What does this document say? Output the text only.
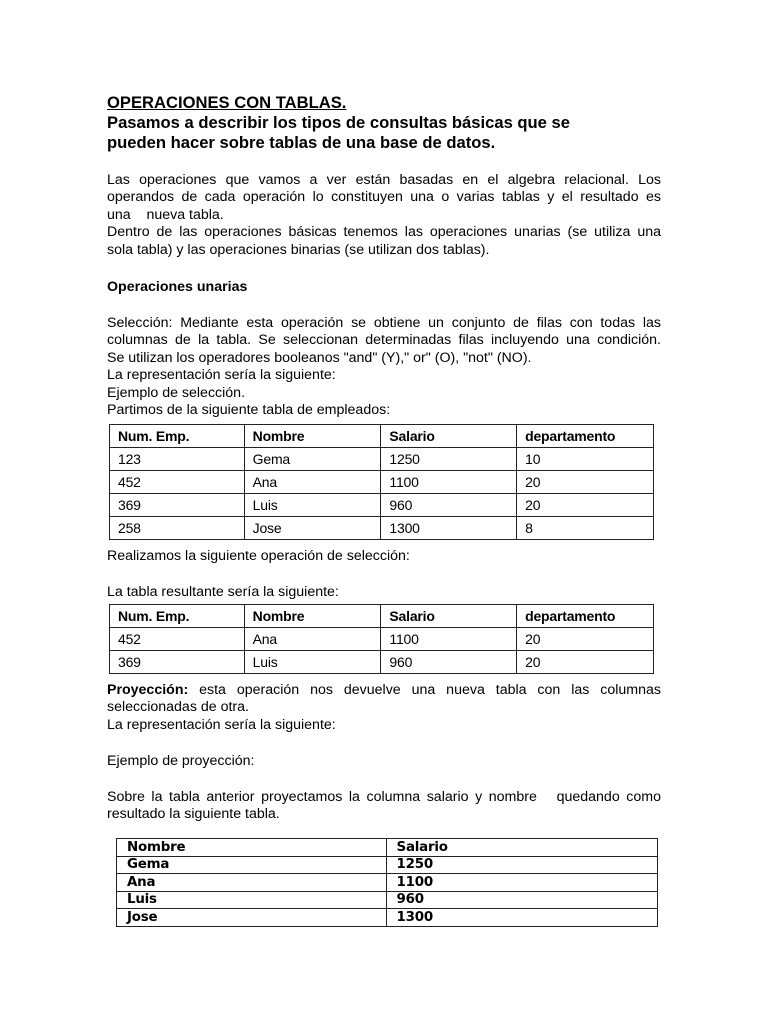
OPERACIONES CON TABLAS.
Pasamos a describir los tipos de consultas básicas que se
pueden hacer sobre tablas de una base de datos.
Las operaciones que vamos a ver están basadas en el algebra relacional. Los
operandos de cada operación lo constituyen una o varias tablas y el resultado es
una    nueva tabla.
Dentro de las operaciones básicas tenemos las operaciones unarias (se utiliza una
sola tabla) y las operaciones binarias (se utilizan dos tablas).
Operaciones unarias
Selección: Mediante esta operación se obtiene un conjunto de filas con todas las
columnas de la tabla. Se seleccionan determinadas filas incluyendo una condición.
Se utilizan los operadores booleanos "and" (Y)," or" (O), "not" (NO).
La representación sería la siguiente:
Ejemplo de selección.
Partimos de la siguiente tabla de empleados:
Num. Emp.	Nombre	Salario	departamento
123	Gema	1250	10
452	Ana	1100	20
369	Luis	960	20
258	Jose	1300	8
Realizamos la siguiente operación de selección:
La tabla resultante sería la siguiente:
Num. Emp.	Nombre	Salario	departamento
452	Ana	1100	20
369	Luis	960	20
Proyección: esta operación nos devuelve una nueva tabla con las columnas
seleccionadas de otra.
La representación sería la siguiente:
Ejemplo de proyección:
Sobre la tabla anterior proyectamos la columna salario y nombre   quedando como
resultado la siguiente tabla.
Nombre	Salario
Gema	1250
Ana	1100
Luis	960
Jose	1300
